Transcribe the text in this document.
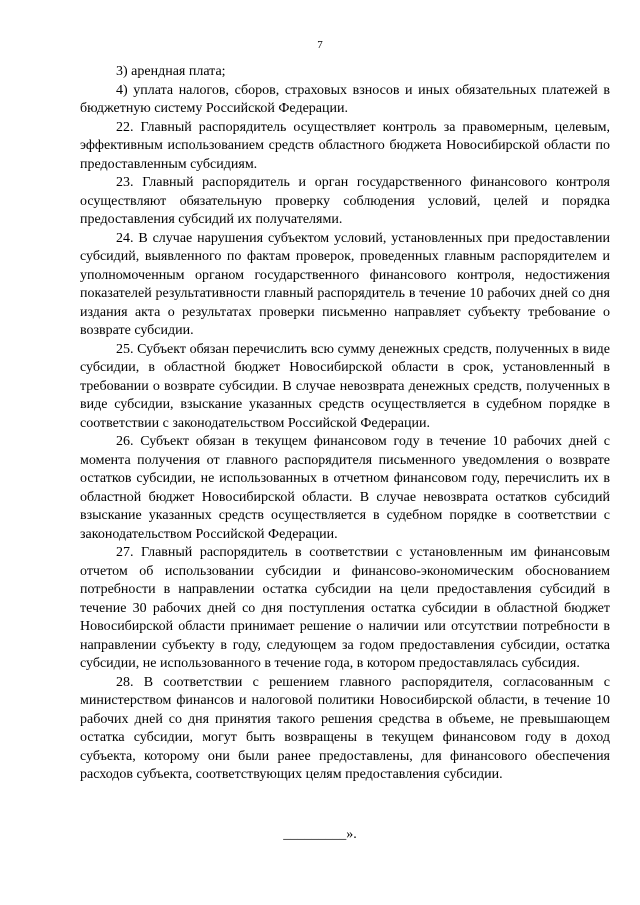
7

3) арендная плата;

4) уплата налогов, сборов, страховых взносов и иных обязательных платежей в бюджетную систему Российской Федерации.

22. Главный распорядитель осуществляет контроль за правомерным, целевым, эффективным использованием средств областного бюджета Новосибирской области по предоставленным субсидиям.

23. Главный распорядитель и орган государственного финансового контроля осуществляют обязательную проверку соблюдения условий, целей и порядка предоставления субсидий их получателями.

24. В случае нарушения субъектом условий, установленных при предоставлении субсидий, выявленного по фактам проверок, проведенных главным распорядителем и уполномоченным органом государственного финансового контроля, недостижения показателей результативности главный распорядитель в течение 10 рабочих дней со дня издания акта о результатах проверки письменно направляет субъекту требование о возврате субсидии.

25. Субъект обязан перечислить всю сумму денежных средств, полученных в виде субсидии, в областной бюджет Новосибирской области в срок, установленный в требовании о возврате субсидии. В случае невозврата денежных средств, полученных в виде субсидии, взыскание указанных средств осуществляется в судебном порядке в соответствии с законодательством Российской Федерации.

26. Субъект обязан в текущем финансовом году в течение 10 рабочих дней с момента получения от главного распорядителя письменного уведомления о возврате остатков субсидии, не использованных в отчетном финансовом году, перечислить их в областной бюджет Новосибирской области. В случае невозврата остатков субсидий взыскание указанных средств осуществляется в судебном порядке в соответствии с законодательством Российской Федерации.

27. Главный распорядитель в соответствии с установленным им финансовым отчетом об использовании субсидии и финансово-экономическим обоснованием потребности в направлении остатка субсидии на цели предоставления субсидий в течение 30 рабочих дней со дня поступления остатка субсидии в областной бюджет Новосибирской области принимает решение о наличии или отсутствии потребности в направлении субъекту в году, следующем за годом предоставления субсидии, остатка субсидии, не использованного в течение года, в котором предоставлялась субсидия.

28. В соответствии с решением главного распорядителя, согласованным с министерством финансов и налоговой политики Новосибирской области, в течение 10 рабочих дней со дня принятия такого решения средства в объеме, не превышающем остатка субсидии, могут быть возвращены в текущем финансовом году в доход субъекта, которому они были ранее предоставлены, для финансового обеспечения расходов субъекта, соответствующих целям предоставления субсидии.

_________».
